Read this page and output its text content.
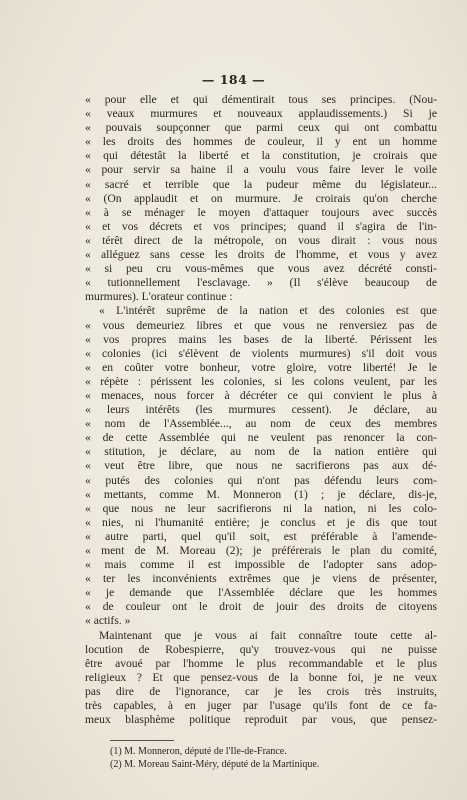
— 184 —
« pour elle et qui démentirait tous ses principes. (Nou-
« veaux murmures et nouveaux applaudissements.) Si je
« pouvais soupçonner que parmi ceux qui ont combattu
« les droits des hommes de couleur, il y ent un homme
« qui détestât la liberté et la constitution, je croirais que
« pour servir sa haine il a voulu vous faire lever le voile
« sacré et terrible que la pudeur même du législateur...
« (On applaudit et on murmure. Je croirais qu'on cherche
« à se ménager le moyen d'attaquer toujours avec succès
« et vos décrets et vos principes; quand il s'agira de l'in-
« térêt direct de la métropole, on vous dirait : vous nous
« alléguez sans cesse les droits de l'homme, et vous y avez
« si peu cru vous-mêmes que vous avez décrété consti-
« tutionnellement l'esclavage. » (Il s'élève beaucoup de
murmures). L'orateur continue :
« L'intérêt suprême de la nation et des colonies est que
« vous demeuriez libres et que vous ne renversiez pas de
« vos propres mains les bases de la liberté. Périssent les
« colonies (ici s'élèvent de violents murmures) s'il doit vous
« en coûter votre bonheur, votre gloire, votre liberté! Je le
« répète : périssent les colonies, si les colons veulent, par les
« menaces, nous forcer à décréter ce qui convient le plus à
« leurs intérêts (les murmures cessent). Je déclare, au
« nom de l'Assemblée..., au nom de ceux des membres
« de cette Assemblée qui ne veulent pas renoncer la con-
« stitution, je déclare, au nom de la nation entière qui
« veut être libre, que nous ne sacrifierons pas aux dé-
« putés des colonies qui n'ont pas défendu leurs com-
« mettants, comme M. Monneron (1) ; je déclare, dis-je,
« que nous ne leur sacrifierons ni la nation, ni les colo-
« nies, ni l'humanité entière; je conclus et je dis que tout
« autre parti, quel qu'il soit, est préférable à l'amende-
« ment de M. Moreau (2); je préférerais le plan du comité,
« mais comme il est impossible de l'adopter sans adop-
« ter les inconvénients extrêmes que je viens de présenter,
« je demande que l'Assemblée déclare que les hommes
« de couleur ont le droit de jouir des droits de citoyens
« actifs. »
Maintenant que je vous ai fait connaître toute cette al-
locution de Robespierre, qu'y trouvez-vous qui ne puisse
être avoué par l'homme le plus recommandable et le plus
religieux ? Et que pensez-vous de la bonne foi, je ne veux
pas dire de l'ignorance, car je les crois très instruits,
très capables, à en juger par l'usage qu'ils font de ce fa-
meux blasphème politique reproduit par vous, que pensez-
(1) M. Monneron, député de l'Ile-de-France.
(2) M. Moreau Saint-Méry, député de la Martinique.
